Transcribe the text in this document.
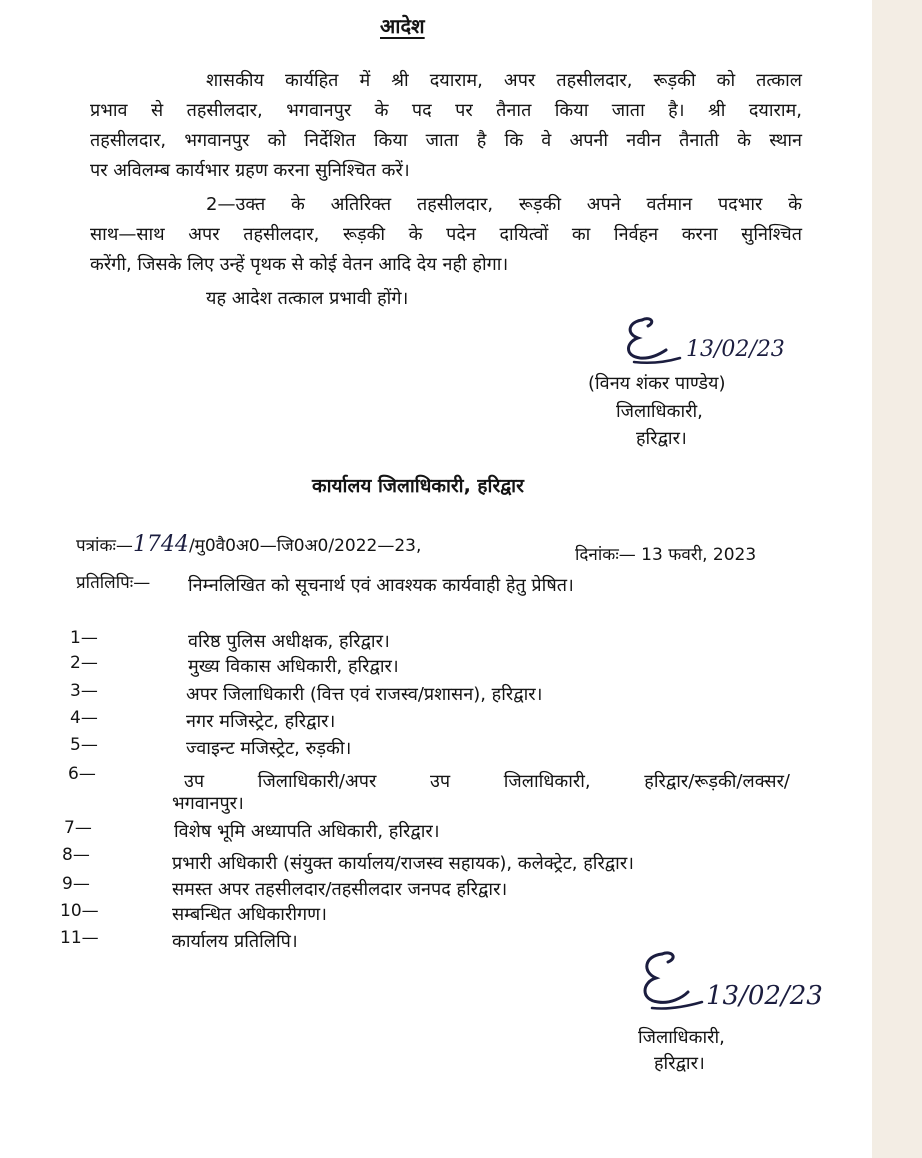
आदेश
शासकीय कार्यहित में श्री दयाराम, अपर तहसीलदार, रूड़की को तत्काल
प्रभाव से तहसीलदार, भगवानपुर के पद पर तैनात किया जाता है। श्री दयाराम,
तहसीलदार, भगवानपुर को निर्देशित किया जाता है कि वे अपनी नवीन तैनाती के स्थान
पर अविलम्ब कार्यभार ग्रहण करना सुनिश्चित करें।
2—उक्त के अतिरिक्त तहसीलदार, रूड़की अपने वर्तमान पदभार के
साथ—साथ अपर तहसीलदार, रूड़की के पदेन दायित्वों का निर्वहन करना सुनिश्चित
करेंगी, जिसके लिए उन्हें पृथक से कोई वेतन आदि देय नही होगा।
यह आदेश तत्काल प्रभावी होंगे।
13/02/23
(विनय शंकर पाण्डेय)
जिलाधिकारी,
हरिद्वार।
कार्यालय जिलाधिकारी, हरिद्वार
पत्रांकः—1744/मु0वै0अ0—जि0अ0/2022—23,	दिनांकः— 13 फवरी, 2023
प्रतिलिपिः— निम्नलिखित को सूचनार्थ एवं आवश्यक कार्यवाही हेतु प्रेषित।
1—	वरिष्ठ पुलिस अधीक्षक, हरिद्वार।
2—	मुख्य विकास अधिकारी, हरिद्वार।
3—	अपर जिलाधिकारी (वित्त एवं राजस्व/प्रशासन), हरिद्वार।
4—	नगर मजिस्ट्रेट, हरिद्वार।
5—	ज्वाइन्ट मजिस्ट्रेट, रुड़की।
6—	उप जिलाधिकारी/अपर उप जिलाधिकारी, हरिद्वार/रूड़की/लक्सर/
भगवानपुर।
7—	विशेष भूमि अध्यापति अधिकारी, हरिद्वार।
8—	प्रभारी अधिकारी (संयुक्त कार्यालय/राजस्व सहायक), कलेक्ट्रेट, हरिद्वार।
9—	समस्त अपर तहसीलदार/तहसीलदार जनपद हरिद्वार।
10—	सम्बन्धित अधिकारीगण।
11—	कार्यालय प्रतिलिपि।
13/02/23
जिलाधिकारी,
हरिद्वार।
